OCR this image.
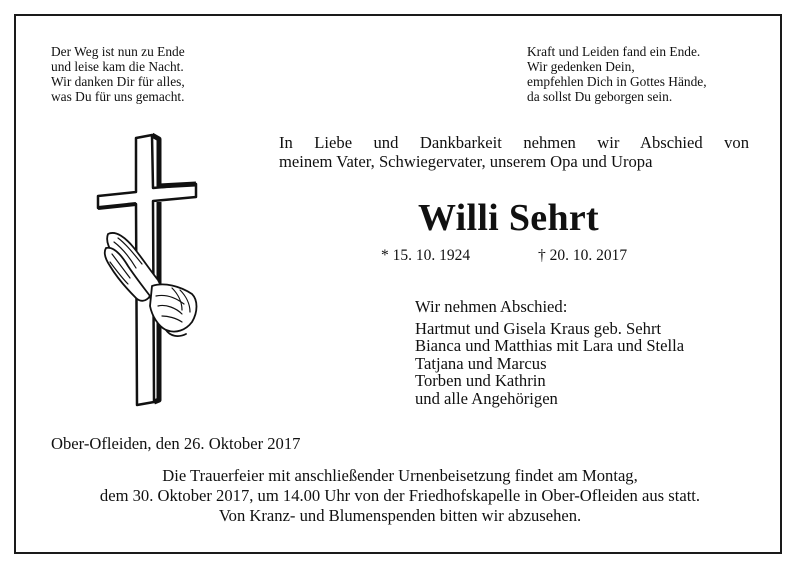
Der Weg ist nun zu Ende
und leise kam die Nacht.
Wir danken Dir für alles,
was Du für uns gemacht.
Kraft und Leiden fand ein Ende.
Wir gedenken Dein,
empfehlen Dich in Gottes Hände,
da sollst Du geborgen sein.
In Liebe und Dankbarkeit nehmen wir Abschied von
meinem Vater, Schwiegervater, unserem Opa und Uropa
Willi Sehrt
* 15. 10. 1924	† 20. 10. 2017
Wir nehmen Abschied:
Hartmut und Gisela Kraus geb. Sehrt
Bianca und Matthias mit Lara und Stella
Tatjana und Marcus
Torben und Kathrin
und alle Angehörigen
Ober-Ofleiden, den 26. Oktober 2017
Die Trauerfeier mit anschließender Urnenbeisetzung findet am Montag,
dem 30. Oktober 2017, um 14.00 Uhr von der Friedhofskapelle in Ober-Ofleiden aus statt.
Von Kranz- und Blumenspenden bitten wir abzusehen.
